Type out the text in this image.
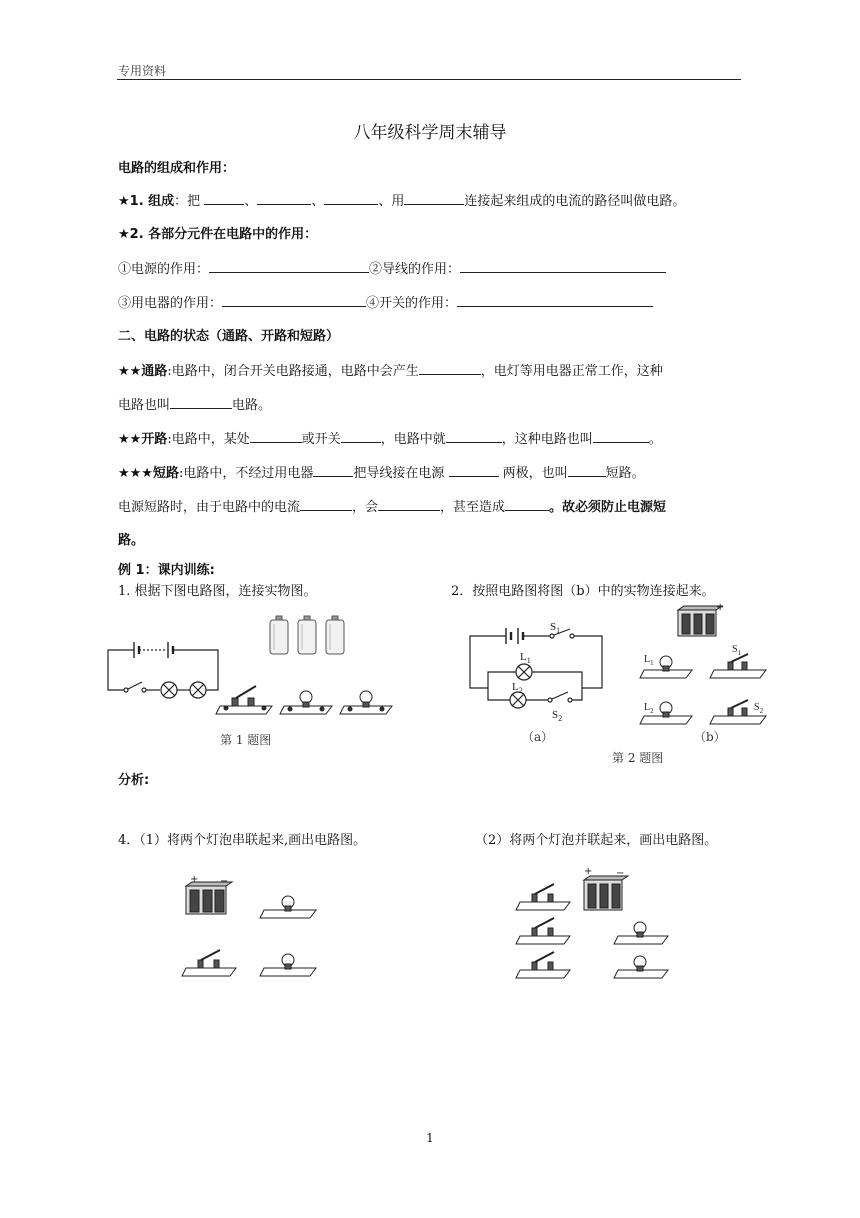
专用资料
八年级科学周末辅导
电路的组成和作用：
★1. 组成：把	、	、	、用	连接起来组成的电流的路径叫做电路。
★2. 各部分元件在电路中的作用：
①电源的作用：	②导线的作用：
③用电器的作用：	④开关的作用：
二、电路的状态（通路、开路和短路）
★★通路:电路中，闭合开关电路接通，电路中会产生	，电灯等用电器正常工作，这种
电路也叫	电路。
★★开路:电路中，某处	或开关	，电路中就	，这种电路也叫	。
★★★短路:电路中，不经过用电器	把导线接在电源	两极，也叫	短路。
电源短路时，由于电路中的电流	，会	，甚至造成	。故必须防止电源短
路。
例 1：课内训练:
1. 根据下图电路图，连接实物图。	2．按照电路图将图（b）中的实物连接起来。
第 1 题图
$S_1$
$L_1$
$L_2$
$S_2$
（a）
+
$L_1$
$S_1$
$L_2$	$S_2$
（b）
第 2 题图
分析:
4．（1）将两个灯泡串联起来,画出电路图。	（2）将两个灯泡并联起来，画出电路图。
+ −
+ −
1
